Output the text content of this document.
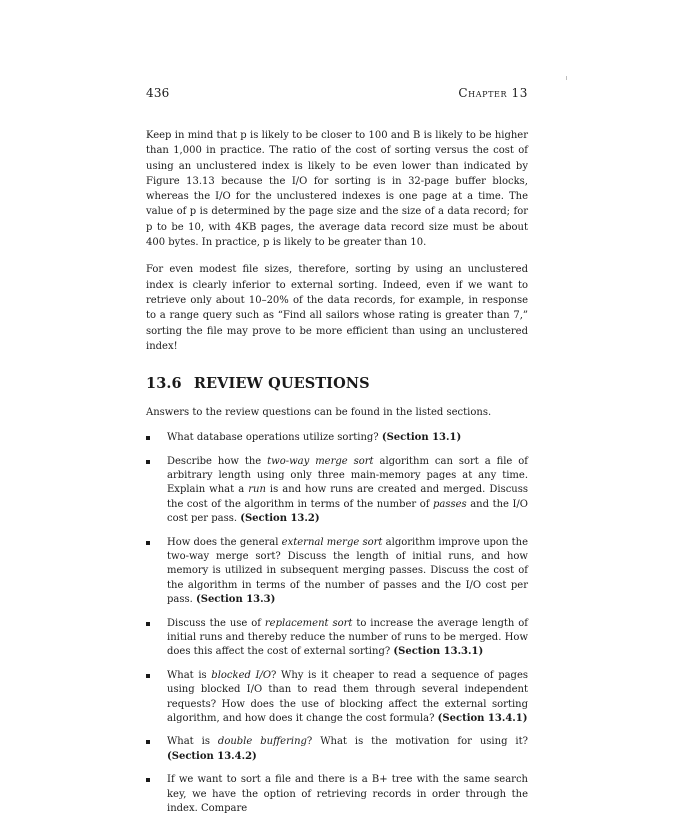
436	Chapter 13

Keep in mind that p is likely to be closer to 100 and B is likely to be higher than 1,000 in practice. The ratio of the cost of sorting versus the cost of using an unclustered index is likely to be even lower than indicated by Figure 13.13 because the I/O for sorting is in 32-page buffer blocks, whereas the I/O for the unclustered indexes is one page at a time. The value of p is determined by the page size and the size of a data record; for p to be 10, with 4KB pages, the average data record size must be about 400 bytes. In practice, p is likely to be greater than 10.

For even modest file sizes, therefore, sorting by using an unclustered index is clearly inferior to external sorting. Indeed, even if we want to retrieve only about 10–20% of the data records, for example, in response to a range query such as “Find all sailors whose rating is greater than 7,” sorting the file may prove to be more efficient than using an unclustered index!

13.6 REVIEW QUESTIONS

Answers to the review questions can be found in the listed sections.

What database operations utilize sorting? (Section 13.1)
Describe how the two-way merge sort algorithm can sort a file of arbitrary length using only three main-memory pages at any time. Explain what a run is and how runs are created and merged. Discuss the cost of the algorithm in terms of the number of passes and the I/O cost per pass. (Section 13.2)
How does the general external merge sort algorithm improve upon the two-way merge sort? Discuss the length of initial runs, and how memory is utilized in subsequent merging passes. Discuss the cost of the algorithm in terms of the number of passes and the I/O cost per pass. (Section 13.3)
Discuss the use of replacement sort to increase the average length of initial runs and thereby reduce the number of runs to be merged. How does this affect the cost of external sorting? (Section 13.3.1)
What is blocked I/O? Why is it cheaper to read a sequence of pages using blocked I/O than to read them through several independent requests? How does the use of blocking affect the external sorting algorithm, and how does it change the cost formula? (Section 13.4.1)
What is double buffering? What is the motivation for using it? (Section 13.4.2)
If we want to sort a file and there is a B+ tree with the same search key, we have the option of retrieving records in order through the index. Compare
